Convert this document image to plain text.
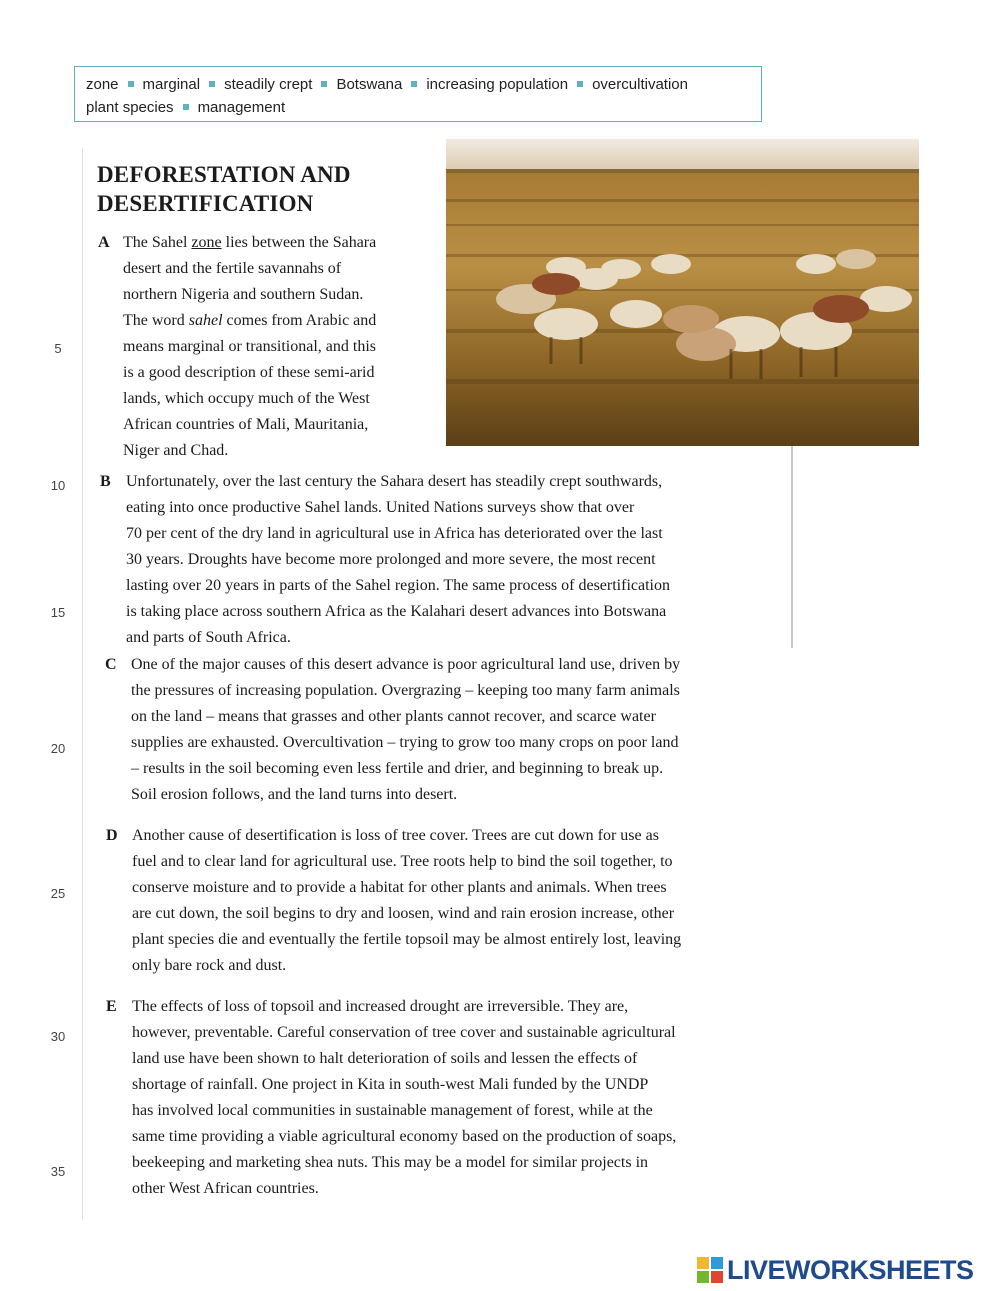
zone marginal steadily crept Botswana increasing population overcultivation
plant species management
DEFORESTATION AND
DESERTIFICATION
A The Sahel zone lies between the Sahara
desert and the fertile savannahs of
northern Nigeria and southern Sudan.
The word sahel comes from Arabic and
means marginal or transitional, and this
is a good description of these semi-arid
lands, which occupy much of the West
African countries of Mali, Mauritania,
Niger and Chad.

B Unfortunately, over the last century the Sahara desert has steadily crept southwards,
eating into once productive Sahel lands. United Nations surveys show that over
70 per cent of the dry land in agricultural use in Africa has deteriorated over the last
30 years. Droughts have become more prolonged and more severe, the most recent
lasting over 20 years in parts of the Sahel region. The same process of desertification
is taking place across southern Africa as the Kalahari desert advances into Botswana
and parts of South Africa.

C One of the major causes of this desert advance is poor agricultural land use, driven by
the pressures of increasing population. Overgrazing – keeping too many farm animals
on the land – means that grasses and other plants cannot recover, and scarce water
supplies are exhausted. Overcultivation – trying to grow too many crops on poor land
– results in the soil becoming even less fertile and drier, and beginning to break up.
Soil erosion follows, and the land turns into desert.

D Another cause of desertification is loss of tree cover. Trees are cut down for use as
fuel and to clear land for agricultural use. Tree roots help to bind the soil together, to
conserve moisture and to provide a habitat for other plants and animals. When trees
are cut down, the soil begins to dry and loosen, wind and rain erosion increase, other
plant species die and eventually the fertile topsoil may be almost entirely lost, leaving
only bare rock and dust.

E The effects of loss of topsoil and increased drought are irreversible. They are,
however, preventable. Careful conservation of tree cover and sustainable agricultural
land use have been shown to halt deterioration of soils and lessen the effects of
shortage of rainfall. One project in Kita in south-west Mali funded by the UNDP
has involved local communities in sustainable management of forest, while at the
same time providing a viable agricultural economy based on the production of soaps,
beekeeping and marketing shea nuts. This may be a model for similar projects in
other West African countries.

5
10
15
20
25
30
35
LIVEWORKSHEETS
